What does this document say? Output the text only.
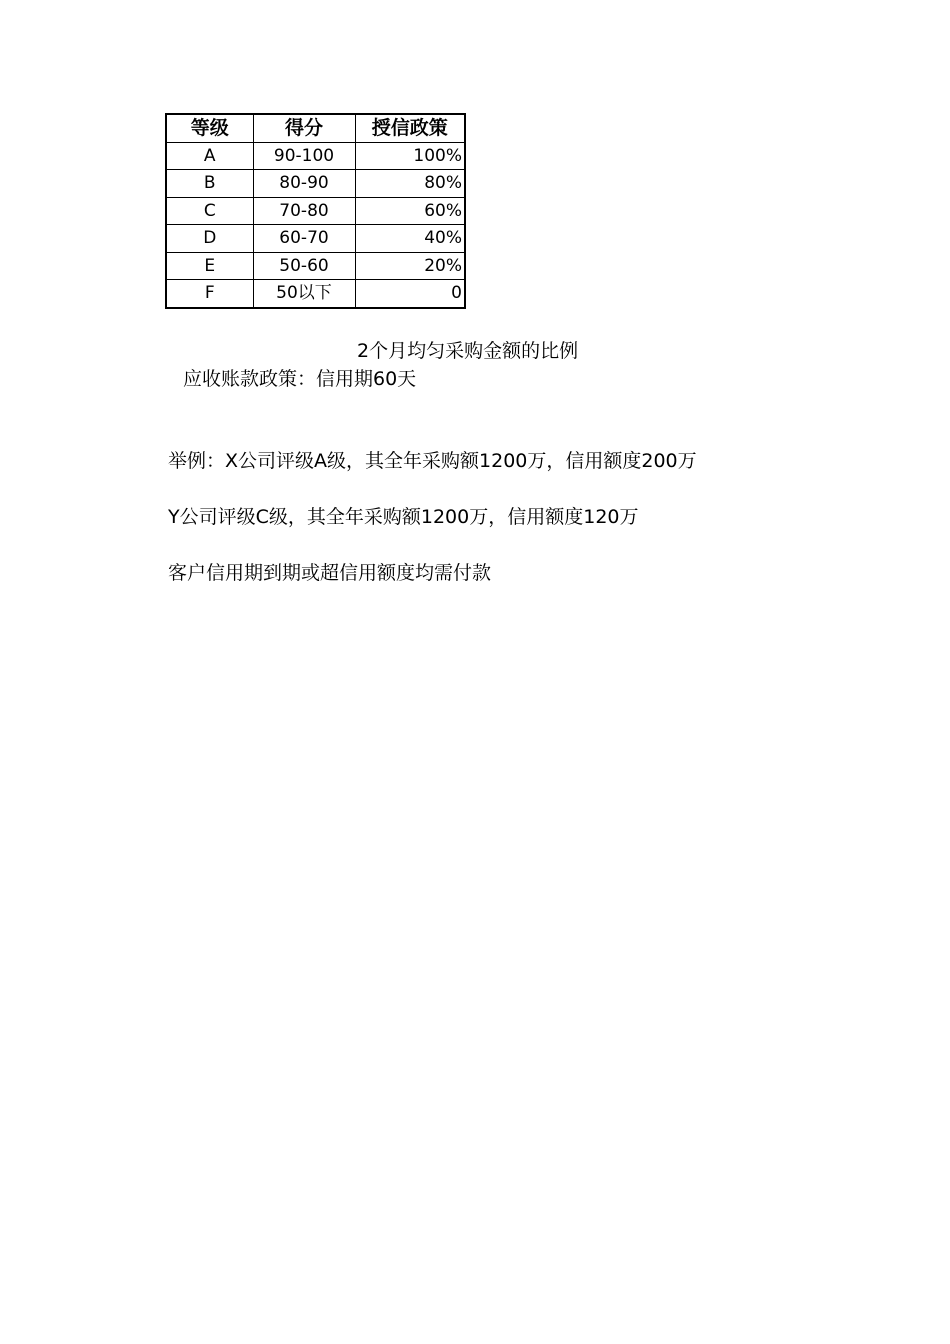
等级	得分	授信政策
A	90-100	100%
B	80-90	80%
C	70-80	60%
D	60-70	40%
E	50-60	20%
F	50以下	0
2个月均匀采购金额的比例
应收账款政策：信用期60天
举例：X公司评级A级，其全年采购额1200万，信用额度200万
Y公司评级C级，其全年采购额1200万，信用额度120万
客户信用期到期或超信用额度均需付款
